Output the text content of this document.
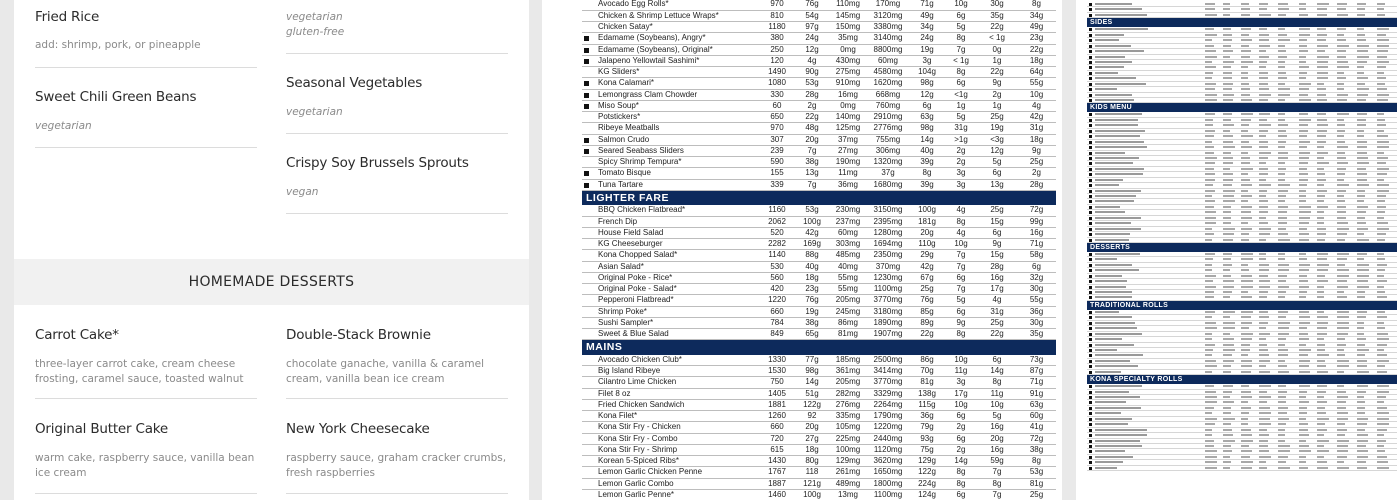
Fried Rice
add: shrimp, pork, or pineapple
Sweet Chili Green Beans
vegetarian
vegetarian
gluten-free
Seasonal Vegetables
vegetarian
Crispy Soy Brussels Sprouts
vegan
HOMEMADE DESSERTS
Carrot Cake*
three-layer carrot cake, cream cheese frosting, caramel sauce, toasted walnut
Original Butter Cake
warm cake, raspberry sauce, vanilla bean ice cream
Double-Stack Brownie
chocolate ganache, vanilla & caramel cream, vanilla bean ice cream
New York Cheesecake
raspberry sauce, graham cracker crumbs, fresh raspberries
Avocado Egg Rolls*	970	76g	110mg	170mg	71g	10g	30g	8g
Chicken & Shrimp Lettuce Wraps*	810	54g	145mg	3120mg	49g	6g	35g	34g
Chicken Satay*	1180	97g	150mg	3380mg	34g	5g	22g	49g

Edamame (Soybeans), Angry*	380	24g	35mg	3140mg	24g	8g	< 1g	23g

Edamame (Soybeans), Original*	250	12g	0mg	8800mg	19g	7g	0g	22g

Jalapeno Yellowtail Sashimi*	120	4g	430mg	60mg	3g	< 1g	1g	18g
KG Sliders*	1490	90g	275mg	4580mg	104g	8g	22g	64g

Kona Calamari*	1080	53g	910mg	1620mg	98g	6g	9g	55g

Lemongrass Clam Chowder	330	28g	16mg	668mg	12g	<1g	2g	10g

Miso Soup*	60	2g	0mg	760mg	6g	1g	1g	4g
Potstickers*	650	22g	140mg	2910mg	63g	5g	25g	42g
Ribeye Meatballs	970	48g	125mg	2776mg	98g	31g	19g	31g

Salmon Crudo	307	20g	37mg	755mg	14g	>1g	<3g	18g

Seared Seabass Sliders	239	7g	27mg	306mg	40g	2g	12g	9g
Spicy Shrimp Tempura*	590	38g	190mg	1320mg	39g	2g	5g	25g

Tomato Bisque	155	13g	11mg	37g	8g	3g	6g	2g

Tuna Tartare	339	7g	36mg	1680mg	39g	3g	13g	28g
LIGHTER FARE								
BBQ Chicken Flatbread*	1160	53g	230mg	3150mg	100g	4g	25g	72g
French Dip	2062	100g	237mg	2395mg	181g	8g	15g	99g
House Field Salad	520	42g	60mg	1280mg	20g	4g	6g	16g
KG Cheeseburger	2282	169g	303mg	1694mg	110g	10g	9g	71g
Kona Chopped Salad*	1140	88g	485mg	2350mg	29g	7g	15g	58g
Asian Salad*	530	40g	40mg	370mg	42g	7g	28g	6g
Original Poke - Rice*	560	18g	55mg	1230mg	67g	6g	16g	32g
Original Poke - Salad*	420	23g	55mg	1100mg	25g	7g	17g	30g
Pepperoni Flatbread*	1220	76g	205mg	3770mg	76g	5g	4g	55g
Shrimp Poke*	660	19g	245mg	3180mg	85g	6g	31g	36g
Sushi Sampler*	784	38g	86mg	1890mg	89g	9g	25g	30g
Sweet & Blue Salad	849	65g	81mg	1907mg	22g	8g	22g	35g
MAINS								
Avocado Chicken Club*	1330	77g	185mg	2500mg	86g	10g	6g	73g
Big Island Ribeye	1530	98g	361mg	3414mg	70g	11g	14g	87g
Cilantro Lime Chicken	750	14g	205mg	3770mg	81g	3g	8g	71g
Filet 8 oz	1405	51g	282mg	3329mg	138g	17g	11g	91g
Fried Chicken Sandwich	1881	122g	276mg	2264mg	115g	10g	10g	63g
Kona Filet*	1260	92	335mg	1790mg	36g	6g	5g	60g
Kona Stir Fry - Chicken	660	20g	105mg	1220mg	79g	2g	16g	41g
Kona Stir Fry - Combo	720	27g	225mg	2440mg	93g	6g	20g	72g
Kona Stir Fry - Shrimp	615	18g	100mg	1120mg	75g	2g	16g	38g
Korean 5-Spiced Ribs*	1430	80g	129mg	3620mg	129g	14g	59g	8g
Lemon Garlic Chicken Penne	1767	118	261mg	1650mg	122g	8g	7g	53g
Lemon Garlic Combo	1887	121g	489mg	1800mg	224g	8g	8g	81g
Lemon Garlic Penne*	1460	100g	13mg	1100mg	124g	6g	7g	25g
SIDES
KIDS MENU
DESSERTS
TRADITIONAL ROLLS
KONA SPECIALTY ROLLS
